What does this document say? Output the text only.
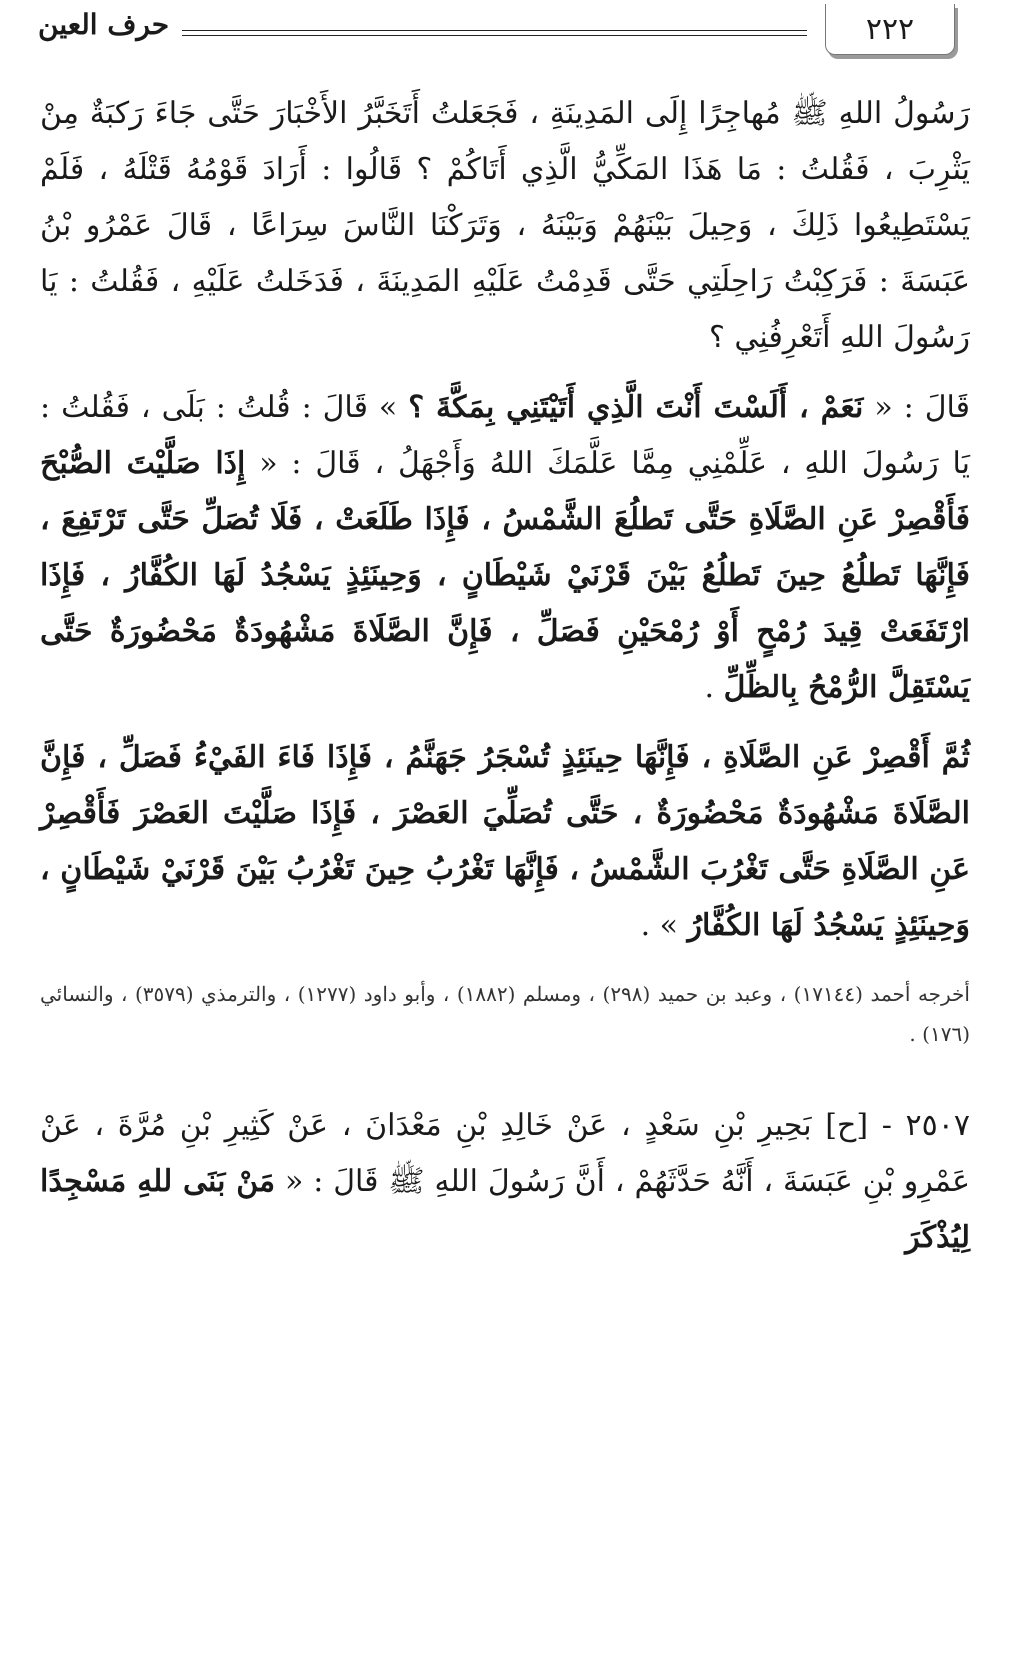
٢٢٢
حرف العين

رَسُولُ اللهِ ﷺ مُهاجِرًا إِلَى المَدِينَةِ ، فَجَعَلتُ أَتَخَبَّرُ الأَخْبَارَ حَتَّى جَاءَ رَكبَةٌ مِنْ يَثْرِبَ ، فَقُلتُ : مَا هَذَا المَكِّيُّ الَّذِي أَتَاكُمْ ؟ قَالُوا : أَرَادَ قَوْمُهُ قَتْلَهُ ، فَلَمْ يَسْتَطِيعُوا ذَلِكَ ، وَحِيلَ بَيْنَهُمْ وَبَيْنَهُ ، وَتَرَكْنَا النَّاسَ سِرَاعًا ، قَالَ عَمْرُو بْنُ عَبَسَةَ : فَرَكِبْتُ رَاحِلَتِي حَتَّى قَدِمْتُ عَلَيْهِ المَدِينَةَ ، فَدَخَلتُ عَلَيْهِ ، فَقُلتُ : يَا رَسُولَ اللهِ أَتَعْرِفُنِي ؟

قَالَ : « نَعَمْ ، أَلَسْتَ أَنْتَ الَّذِي أَتَيْتَنِي بِمَكَّةَ ؟ » قَالَ : قُلتُ : بَلَى ، فَقُلتُ : يَا رَسُولَ اللهِ ، عَلِّمْنِي مِمَّا عَلَّمَكَ اللهُ وَأَجْهَلُ ، قَالَ : « إِذَا صَلَّيْتَ الصُّبْحَ فَأَقْصِرْ عَنِ الصَّلَاةِ حَتَّى تَطلُعَ الشَّمْسُ ، فَإِذَا طَلَعَتْ ، فَلَا تُصَلِّ حَتَّى تَرْتَفِعَ ، فَإِنَّهَا تَطلُعُ حِينَ تَطلُعُ بَيْنَ قَرْنَيْ شَيْطَانٍ ، وَحِينَئِذٍ يَسْجُدُ لَهَا الكُفَّارُ ، فَإِذَا ارْتَفَعَتْ قِيدَ رُمْحٍ أَوْ رُمْحَيْنِ فَصَلِّ ، فَإِنَّ الصَّلَاةَ مَشْهُودَةٌ مَحْضُورَةٌ حَتَّى يَسْتَقِلَّ الرُّمْحُ بِالظِّلِّ .

ثُمَّ أَقْصِرْ عَنِ الصَّلَاةِ ، فَإِنَّهَا حِينَئِذٍ تُسْجَرُ جَهَنَّمُ ، فَإِذَا فَاءَ الفَيْءُ فَصَلِّ ، فَإِنَّ الصَّلَاةَ مَشْهُودَةٌ مَحْضُورَةٌ ، حَتَّى تُصَلِّيَ العَصْرَ ، فَإِذَا صَلَّيْتَ العَصْرَ فَأَقْصِرْ عَنِ الصَّلَاةِ حَتَّى تَغْرُبَ الشَّمْسُ ، فَإِنَّهَا تَغْرُبُ حِينَ تَغْرُبُ بَيْنَ قَرْنَيْ شَيْطَانٍ ، وَحِينَئِذٍ يَسْجُدُ لَهَا الكُفَّارُ » .

أخرجه أحمد (١٧١٤٤) ، وعبد بن حميد (٢٩٨) ، ومسلم (١٨٨٢) ، وأبو داود (١٢٧٧) ، والترمذي (٣٥٧٩) ، والنسائي (١٧٦) .

٢٥٠٧ - [ح] بَحِيرِ بْنِ سَعْدٍ ، عَنْ خَالِدِ بْنِ مَعْدَانَ ، عَنْ كَثِيرِ بْنِ مُرَّةَ ، عَنْ عَمْرِو بْنِ عَبَسَةَ ، أَنَّهُ حَدَّثَهُمْ ، أَنَّ رَسُولَ اللهِ ﷺ قَالَ : « مَنْ بَنَى للهِ مَسْجِدًا لِيُذْكَرَ
